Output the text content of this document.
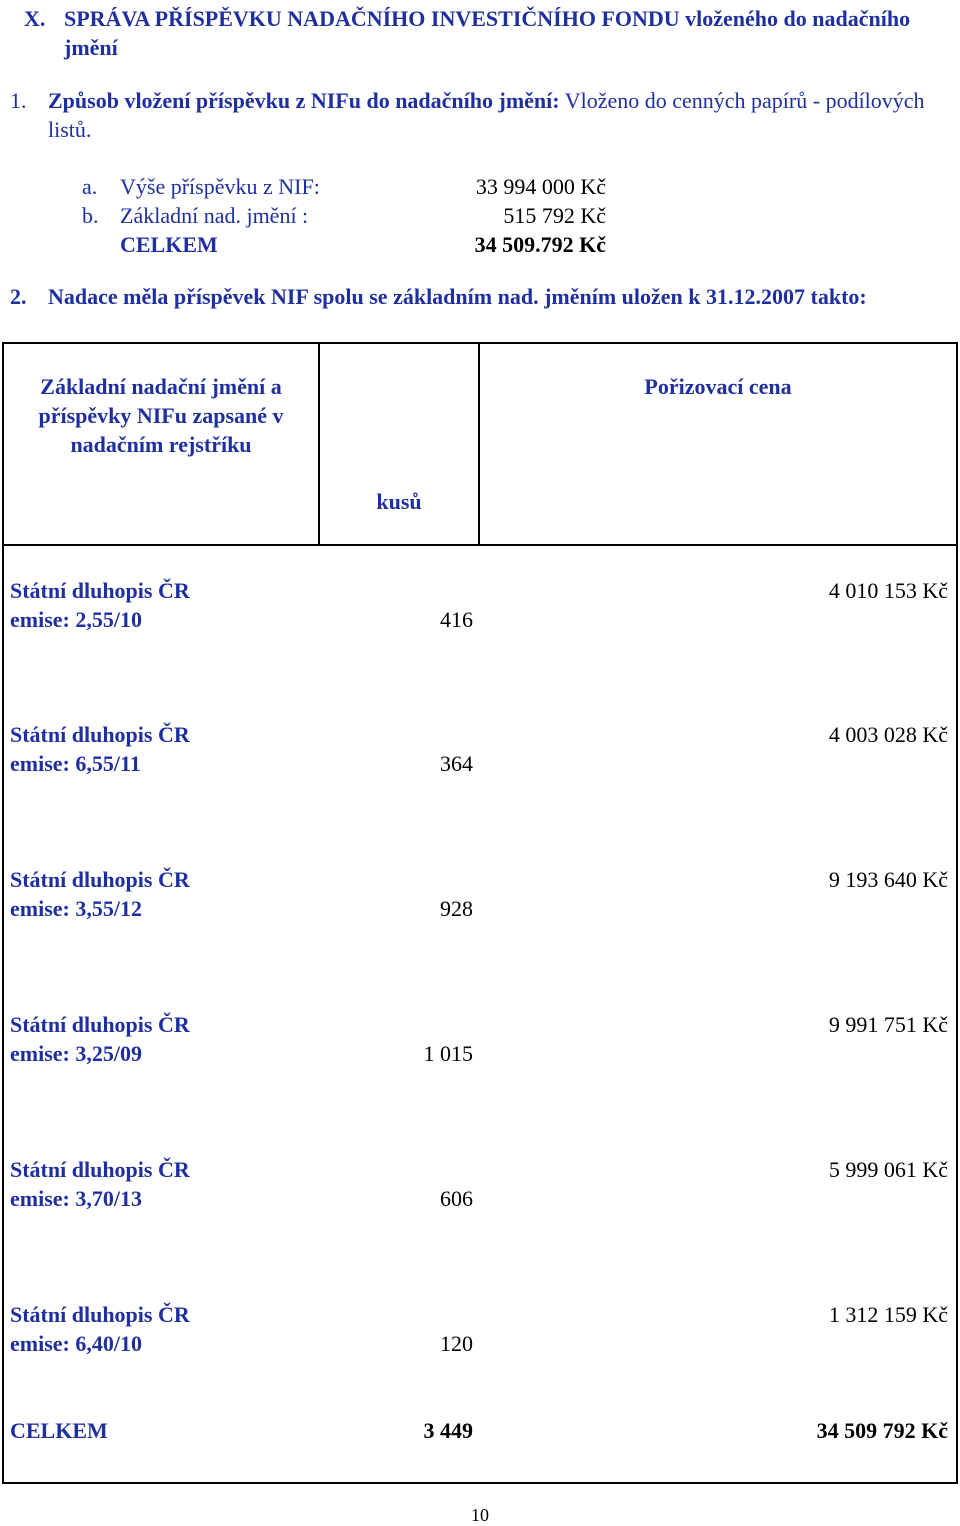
X. SPRÁVA PŘÍSPĚVKU NADAČNÍHO INVESTIČNÍHO FONDU vloženého do nadačního jmění
1. Způsob vložení příspěvku z NIFu do nadačního jmění: Vloženo do cenných papírů - podílových listů.
a. Výše příspěvku z NIF:	33 994 000 Kč
b. Základní nad. jmění :	515 792 Kč
CELKEM	34 509.792 Kč
2. Nadace měla příspěvek NIF spolu se základním nad. jměním uložen k 31.12.2007 takto:
Základní nadační jmění a příspěvky NIFu zapsané v nadačním rejstříku	kusů	Pořizovací cena

Státní dluhopis ČR
emise: 2,55/10	416	4 010 153 Kč

Státní dluhopis ČR
emise: 6,55/11	364	4 003 028 Kč

Státní dluhopis ČR
emise: 3,55/12	928	9 193 640 Kč

Státní dluhopis ČR
emise: 3,25/09	1 015	9 991 751 Kč

Státní dluhopis ČR
emise: 3,70/13	606	5 999 061 Kč

Státní dluhopis ČR
emise: 6,40/10	120	1 312 159 Kč
CELKEM	3 449	34 509 792 Kč
10
